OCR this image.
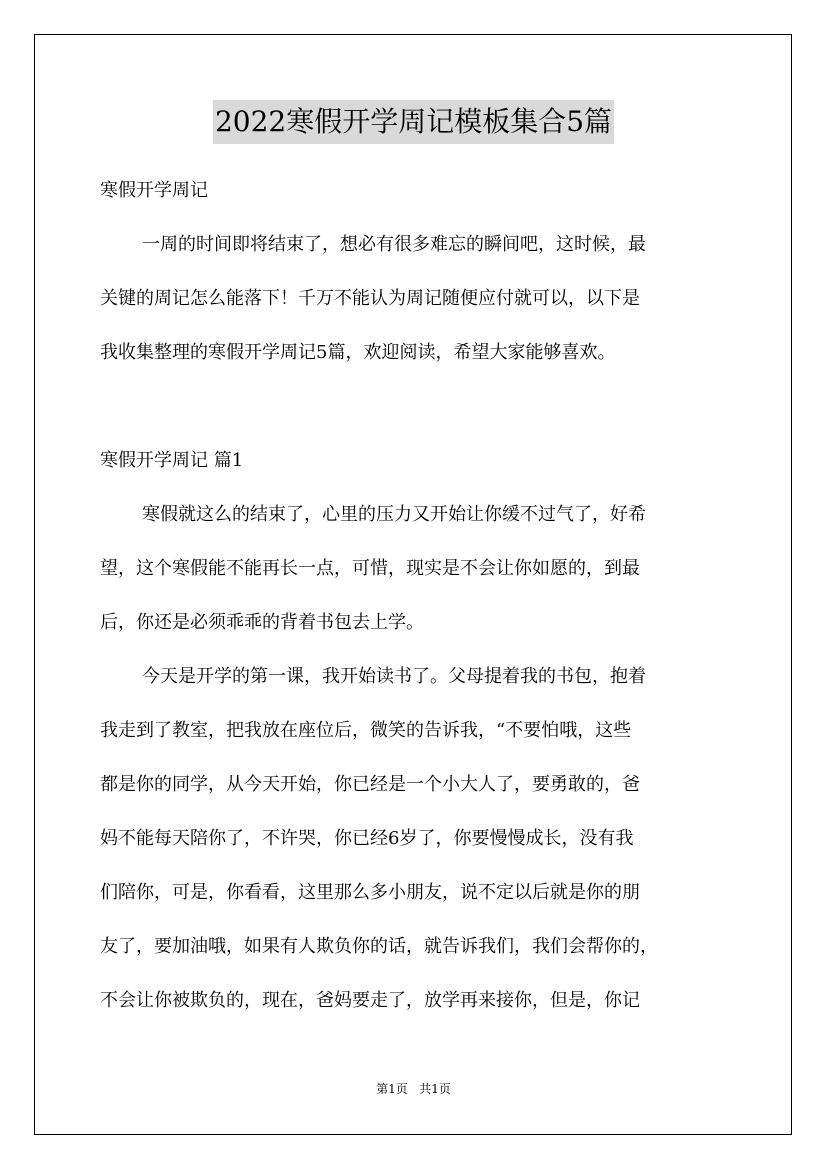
2022寒假开学周记模板集合5篇
寒假开学周记
一周的时间即将结束了，想必有很多难忘的瞬间吧，这时候，最
关键的周记怎么能落下！千万不能认为周记随便应付就可以，以下是
我收集整理的寒假开学周记5篇，欢迎阅读，希望大家能够喜欢。
寒假开学周记 篇1
寒假就这么的结束了，心里的压力又开始让你缓不过气了，好希
望，这个寒假能不能再长一点，可惜，现实是不会让你如愿的，到最
后，你还是必须乖乖的背着书包去上学。
今天是开学的第一课，我开始读书了。父母提着我的书包，抱着
我走到了教室，把我放在座位后，微笑的告诉我，“不要怕哦，这些
都是你的同学，从今天开始，你已经是一个小大人了，要勇敢的，爸
妈不能每天陪你了，不许哭，你已经6岁了，你要慢慢成长，没有我
们陪你，可是，你看看，这里那么多小朋友，说不定以后就是你的朋
友了，要加油哦，如果有人欺负你的话，就告诉我们，我们会帮你的，
不会让你被欺负的，现在，爸妈要走了，放学再来接你，但是，你记
第1页 共1页
